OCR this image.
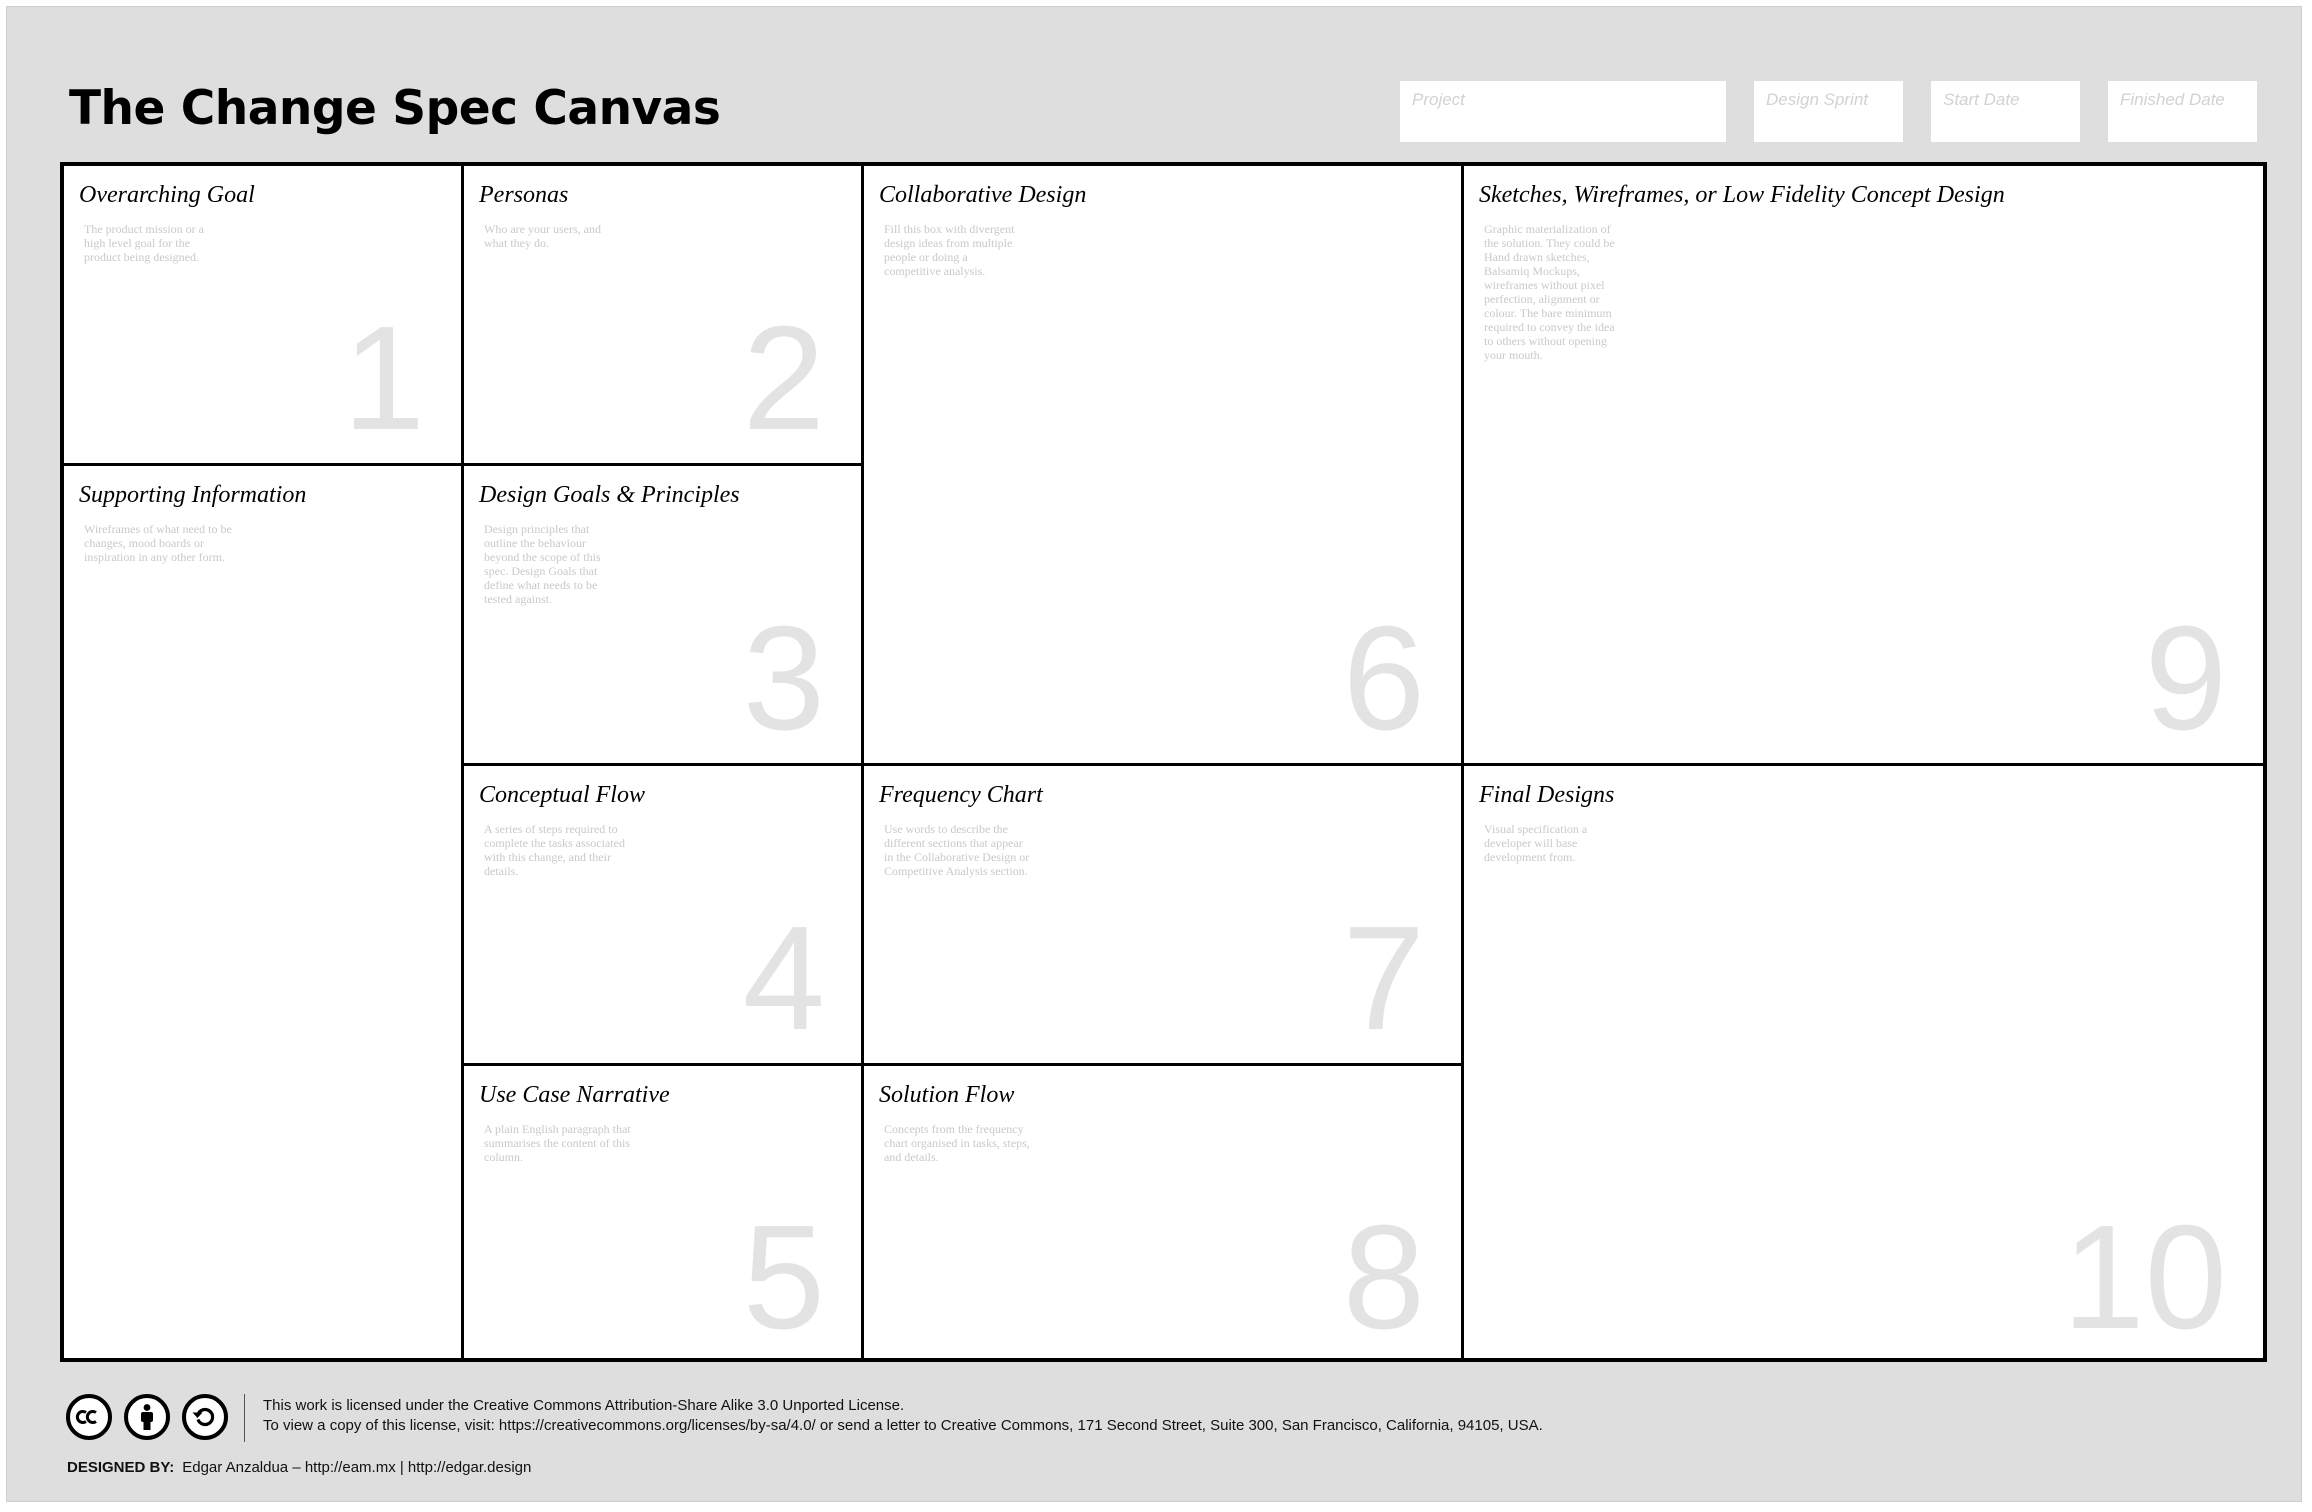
The Change Spec Canvas	Project	Design Sprint	Start Date	Finished Date
Overarching Goal
The product mission or a high level goal for the product being designed.
1
Personas
Who are your users, and what they do.
2
Supporting Information
Wireframes of what need to be changes, mood boards or inspiration in any other form.
Design Goals & Principles
Design principles that outline the behaviour beyond the scope of this spec. Design Goals that define what needs to be tested against.	3
Conceptual Flow
A series of steps required to complete the tasks associated with this change, and their details.
4
Use Case Narrative
A plain English paragraph that summarises the content of this column.
5
Collaborative Design
Fill this box with divergent design ideas from multiple people or doing a competitive analysis.
6
Frequency Chart
Use words to describe the different sections that appear in the Collaborative Design or Competitive Analysis section.
7
Solution Flow
Concepts from the frequency chart organised in tasks, steps, and details.
8
Sketches, Wireframes, or Low Fidelity Concept Design
Graphic materialization of the solution. They could be Hand drawn sketches, Balsamiq Mockups, wireframes without pixel perfection, alignment or colour. The bare minimum required to convey the idea to others without opening your mouth.
9
Final Designs
Visual specification a developer will base development from.
10
This work is licensed under the Creative Commons Attribution-Share Alike 3.0 Unported License.
To view a copy of this license, visit: https://creativecommons.org/licenses/by-sa/4.0/ or send a letter to Creative Commons, 171 Second Street, Suite 300, San Francisco, California, 94105, USA.
DESIGNED BY: Edgar Anzaldua – http://eam.mx | http://edgar.design
